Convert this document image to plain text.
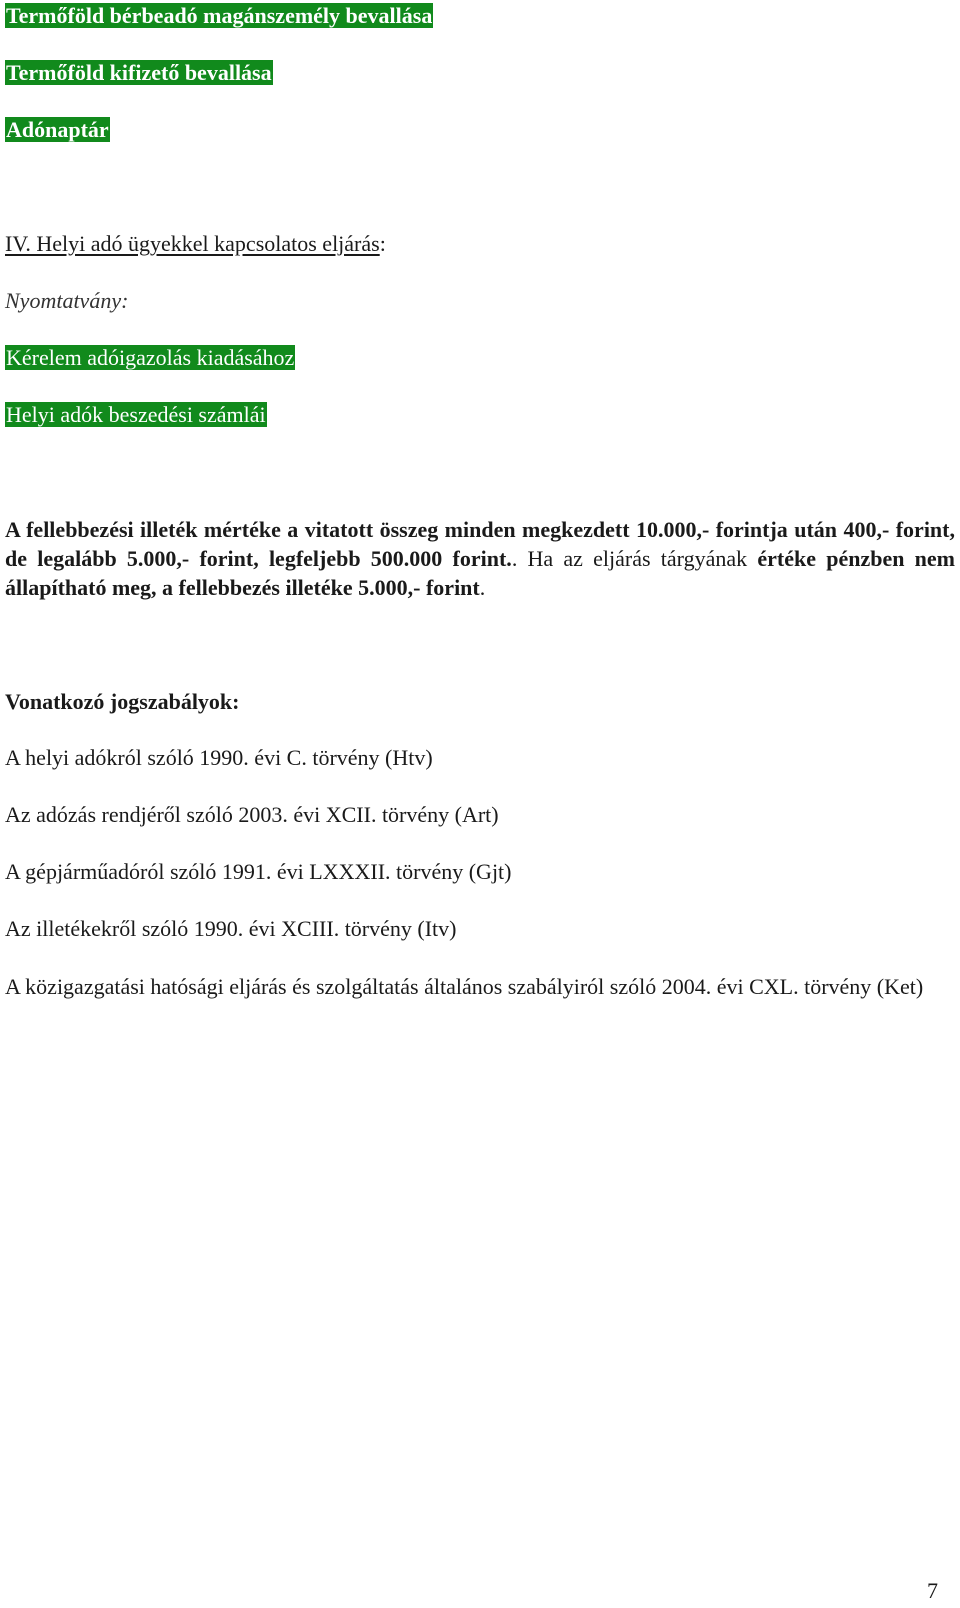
Termőföld bérbeadó magánszemély bevallása
Termőföld kifizető bevallása
Adónaptár
IV. Helyi adó ügyekkel kapcsolatos eljárás:
Nyomtatvány:
Kérelem adóigazolás kiadásához
Helyi adók beszedési számlái
A fellebbezési illeték mértéke a vitatott összeg minden megkezdett 10.000,- forintja után 400,- forint, de legalább 5.000,- forint, legfeljebb 500.000 forint.. Ha az eljárás tárgyának értéke pénzben nem állapítható meg, a fellebbezés illetéke 5.000,- forint.
Vonatkozó jogszabályok:
A helyi adókról szóló 1990. évi C. törvény (Htv)
Az adózás rendjéről szóló 2003. évi XCII. törvény (Art)
A gépjárműadóról szóló 1991. évi LXXXII. törvény (Gjt)
Az illetékekről szóló 1990. évi XCIII. törvény (Itv)
A közigazgatási hatósági eljárás és szolgáltatás általános szabályiról szóló 2004. évi CXL. törvény (Ket)
7
